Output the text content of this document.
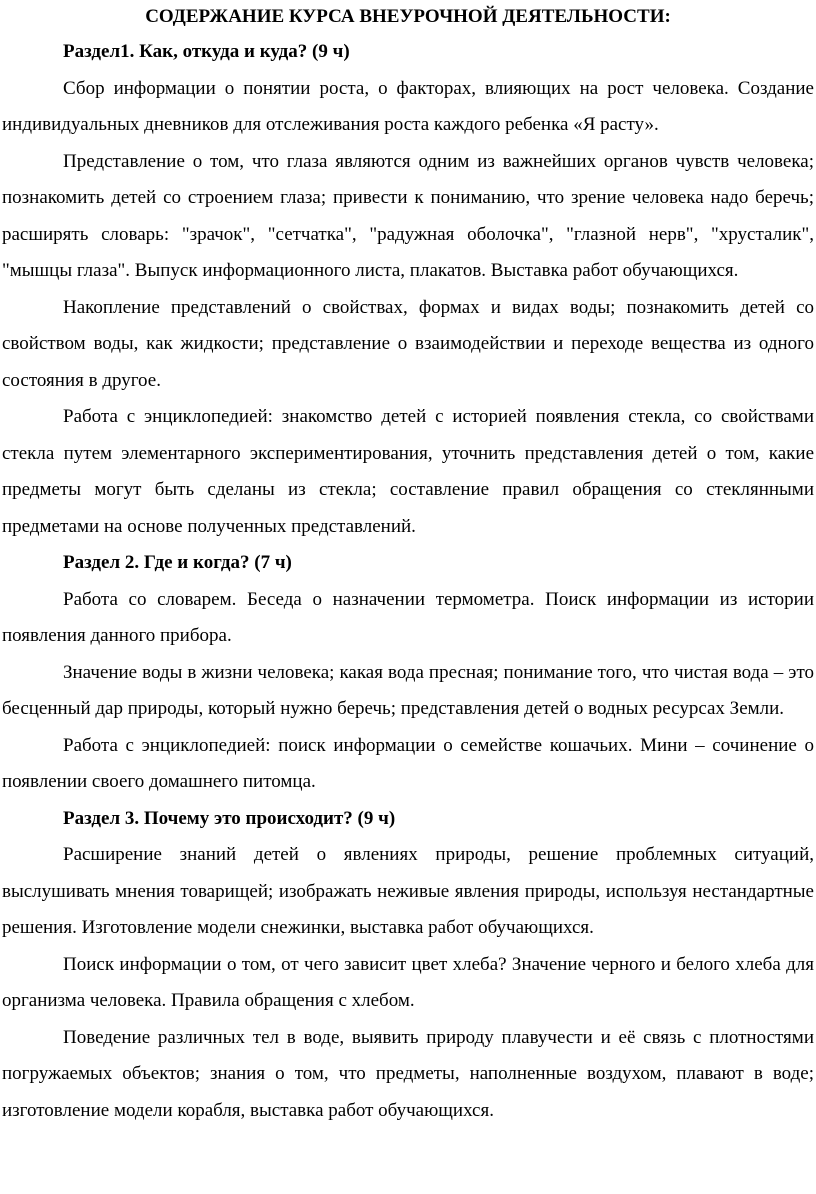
СОДЕРЖАНИЕ КУРСА ВНЕУРОЧНОЙ ДЕЯТЕЛЬНОСТИ:

Раздел1. Как, откуда и куда? (9 ч)

Сбор информации о понятии роста, о факторах, влияющих на рост человека. Создание индивидуальных дневников для отслеживания роста каждого ребенка «Я расту».

Представление о том, что глаза являются одним из важнейших органов чувств человека; познакомить детей со строением глаза; привести к пониманию, что зрение человека надо беречь; расширять словарь: "зрачок", "сетчатка", "радужная оболочка", "глазной нерв", "хрусталик", "мышцы глаза". Выпуск информационного листа, плакатов. Выставка работ обучающихся.

Накопление представлений о свойствах, формах и видах воды; познакомить детей со свойством воды, как жидкости; представление о взаимодействии и переходе вещества из одного состояния в другое.

Работа с энциклопедией: знакомство детей с историей появления стекла, со свойствами стекла путем элементарного экспериментирования, уточнить представления детей о том, какие предметы могут быть сделаны из стекла; составление правил обращения со стеклянными предметами на основе полученных представлений.

Раздел 2. Где и когда? (7 ч)

Работа со словарем. Беседа о назначении термометра. Поиск информации из истории появления данного прибора.

Значение воды в жизни человека; какая вода пресная; понимание того, что чистая вода – это бесценный дар природы, который нужно беречь; представления детей о водных ресурсах Земли.

Работа с энциклопедией: поиск информации о семействе кошачьих. Мини – сочинение о появлении своего домашнего питомца.

Раздел 3. Почему это происходит? (9 ч)

Расширение знаний детей о явлениях природы, решение проблемных ситуаций, выслушивать мнения товарищей; изображать неживые явления природы, используя нестандартные решения. Изготовление модели снежинки, выставка работ обучающихся.

Поиск информации о том, от чего зависит цвет хлеба? Значение черного и белого хлеба для организма человека. Правила обращения с хлебом.

Поведение различных тел в воде, выявить природу плавучести и её связь с плотностями погружаемых объектов; знания о том, что предметы, наполненные воздухом, плавают в воде; изготовление модели корабля, выставка работ обучающихся.
